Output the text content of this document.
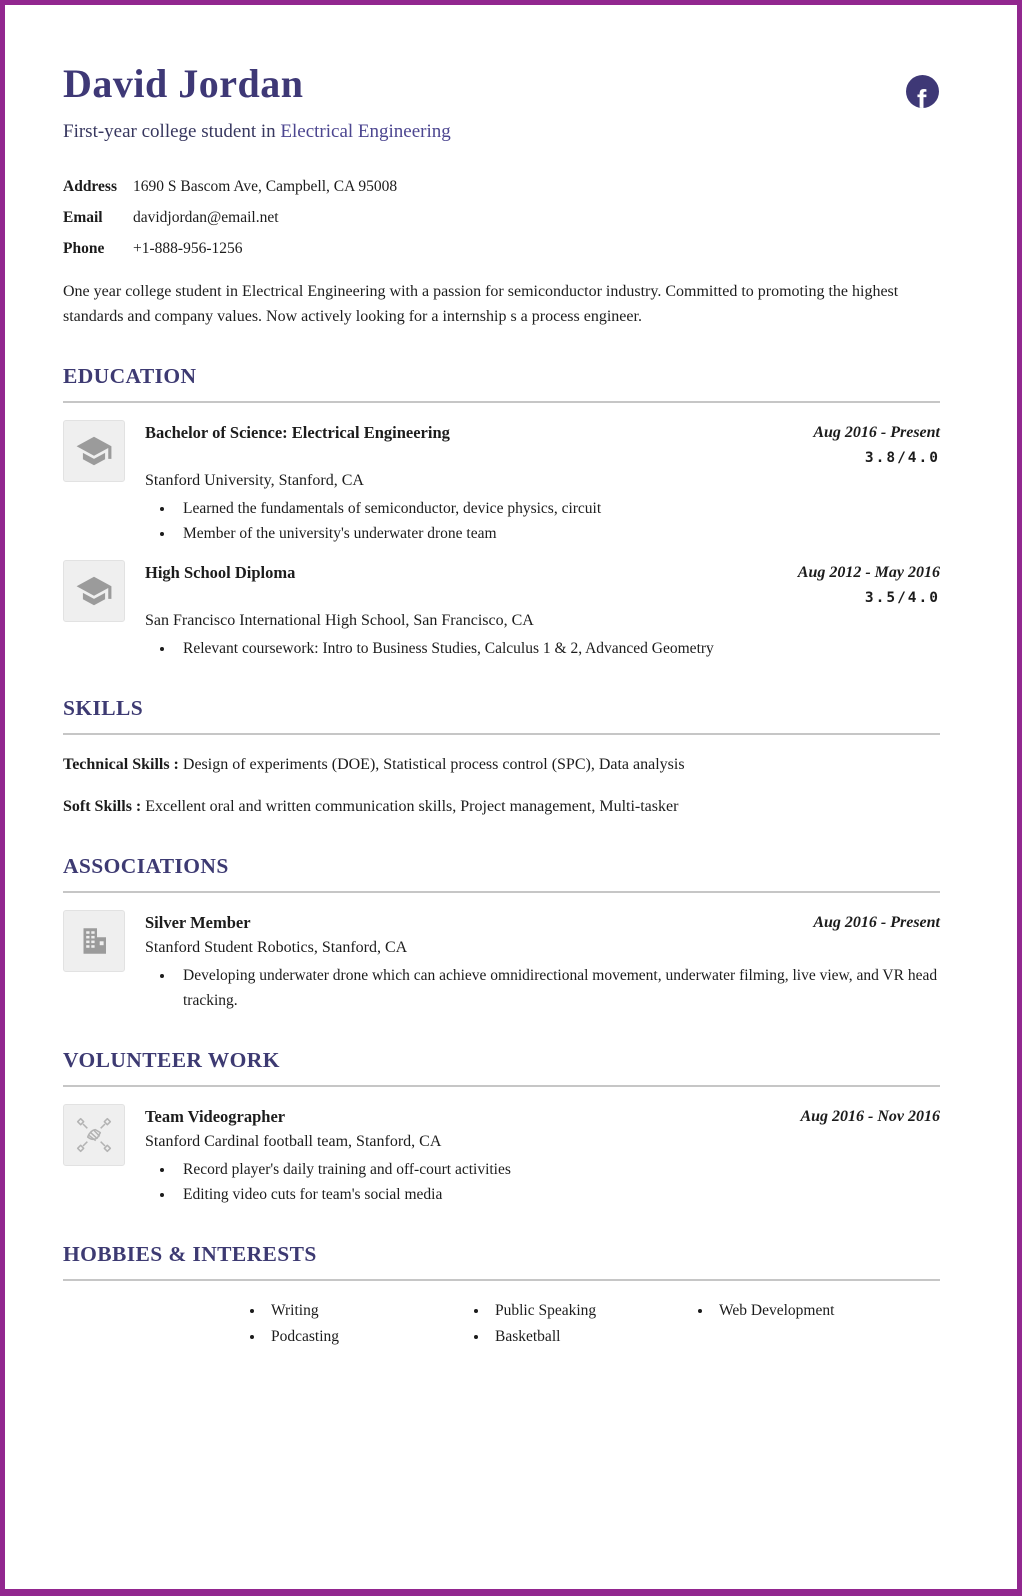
David Jordan	f

First-year college student in Electrical Engineering

Address	1690 S Bascom Ave, Campbell, CA 95008
Email	davidjordan@email.net
Phone	+1-888-956-1256

One year college student in Electrical Engineering with a passion for semiconductor industry. Committed to promoting the highest standards and company values. Now actively looking for a internship s a process engineer.

EDUCATION
Bachelor of Science: Electrical Engineering	Aug 2016 - Present
3.8/4.0
Stanford University, Stanford, CA
• Learned the fundamentals of semiconductor, device physics, circuit
• Member of the university's underwater drone team
High School Diploma	Aug 2012 - May 2016
3.5/4.0
San Francisco International High School, San Francisco, CA
• Relevant coursework: Intro to Business Studies, Calculus 1 & 2, Advanced Geometry
SKILLS

Technical Skills : Design of experiments (DOE), Statistical process control (SPC), Data analysis

Soft Skills : Excellent oral and written communication skills, Project management, Multi-tasker

ASSOCIATIONS
Silver Member	Aug 2016 - Present
Stanford Student Robotics, Stanford, CA
• Developing underwater drone which can achieve omnidirectional movement, underwater filming, live view, and VR head tracking.
VOLUNTEER WORK
Team Videographer	Aug 2016 - Nov 2016
Stanford Cardinal football team, Stanford, CA
• Record player's daily training and off-court activities
• Editing video cuts for team's social media
HOBBIES & INTERESTS
• Writing
• Podcasting
• Public Speaking
• Basketball
• Web Development
